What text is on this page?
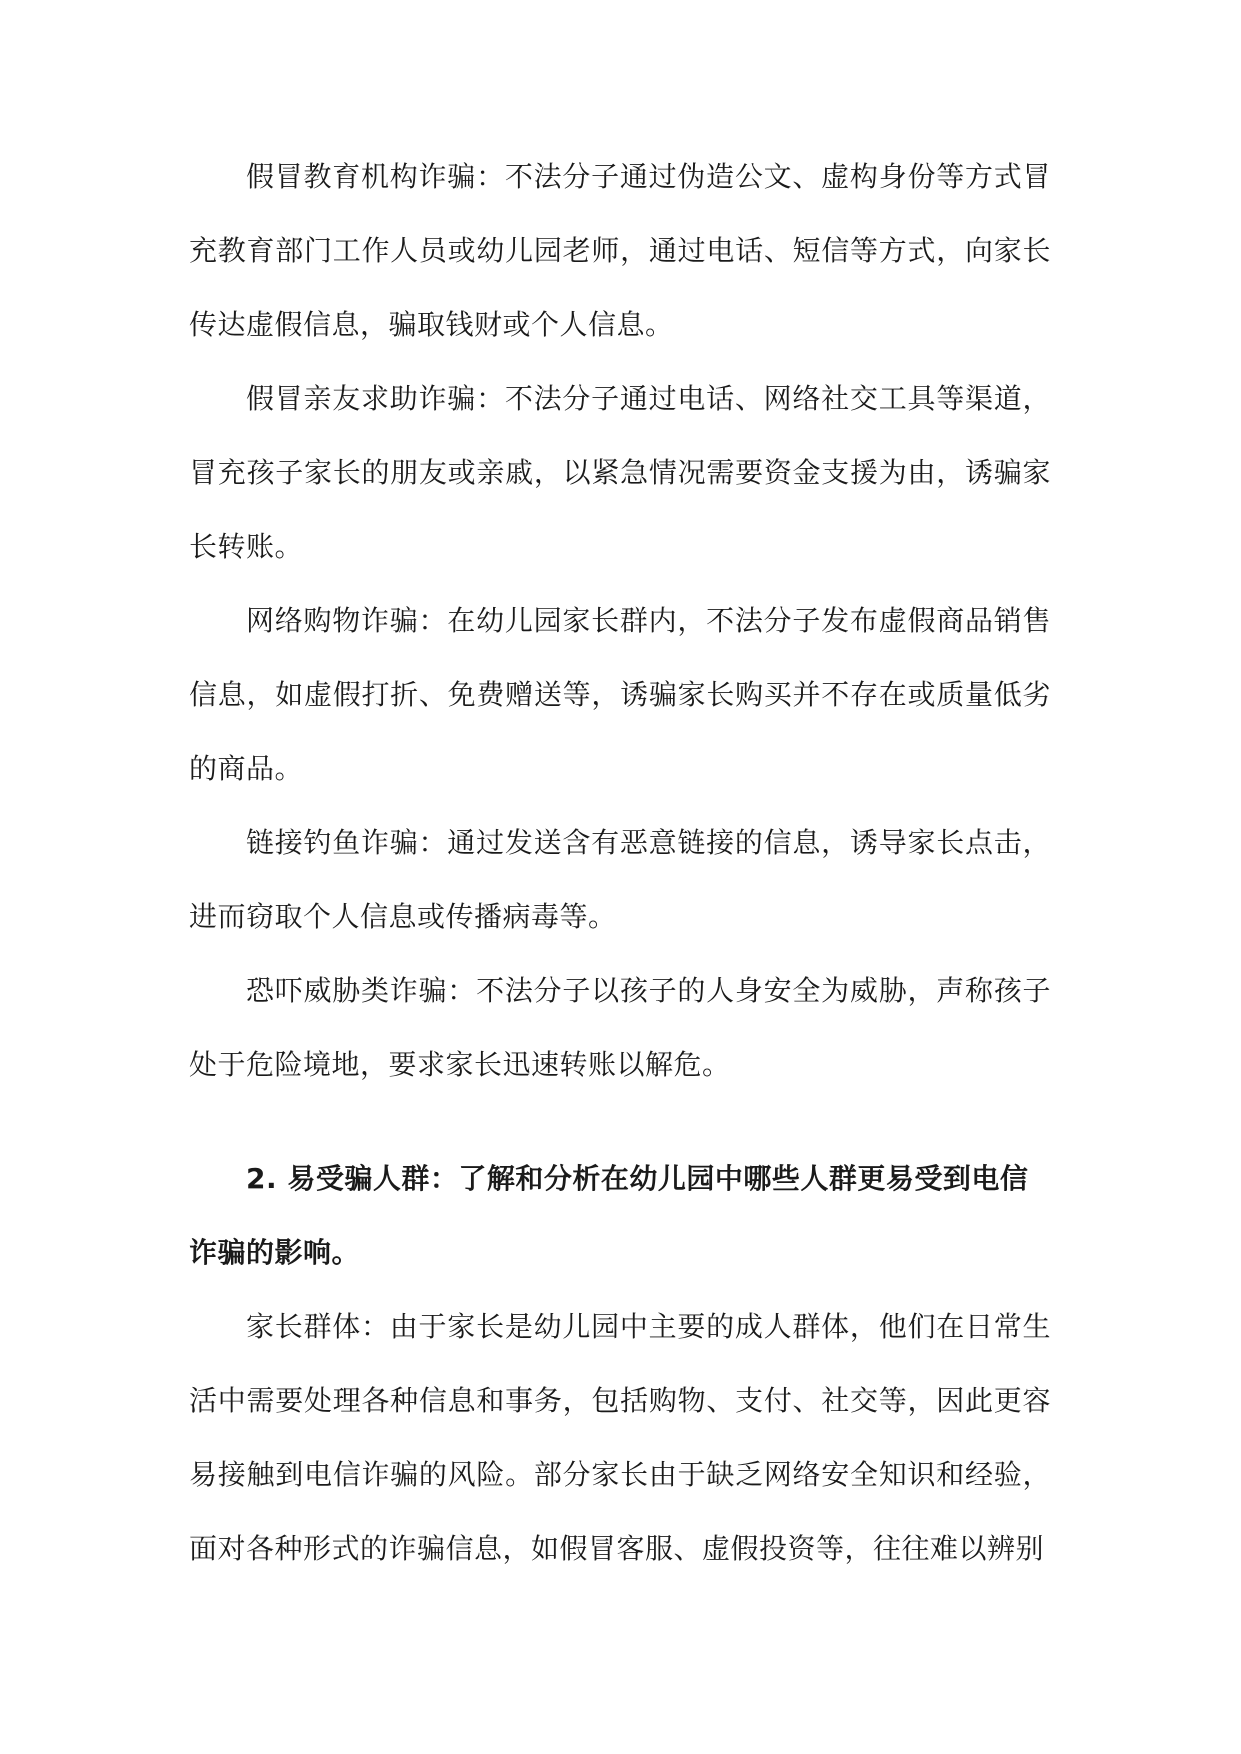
假冒教育机构诈骗：不法分子通过伪造公文、虚构身份等方式冒充教育部门工作人员或幼儿园老师，通过电话、短信等方式，向家长传达虚假信息，骗取钱财或个人信息。

假冒亲友求助诈骗：不法分子通过电话、网络社交工具等渠道，冒充孩子家长的朋友或亲戚，以紧急情况需要资金支援为由，诱骗家长转账。

网络购物诈骗：在幼儿园家长群内，不法分子发布虚假商品销售信息，如虚假打折、免费赠送等，诱骗家长购买并不存在或质量低劣的商品。

链接钓鱼诈骗：通过发送含有恶意链接的信息，诱导家长点击，进而窃取个人信息或传播病毒等。

恐吓威胁类诈骗：不法分子以孩子的人身安全为威胁，声称孩子处于危险境地，要求家长迅速转账以解危。

2. 易受骗人群：了解和分析在幼儿园中哪些人群更易受到电信诈骗的影响。

家长群体：由于家长是幼儿园中主要的成人群体，他们在日常生活中需要处理各种信息和事务，包括购物、支付、社交等，因此更容易接触到电信诈骗的风险。部分家长由于缺乏网络安全知识和经验，面对各种形式的诈骗信息，如假冒客服、虚假投资等，往往难以辨别
